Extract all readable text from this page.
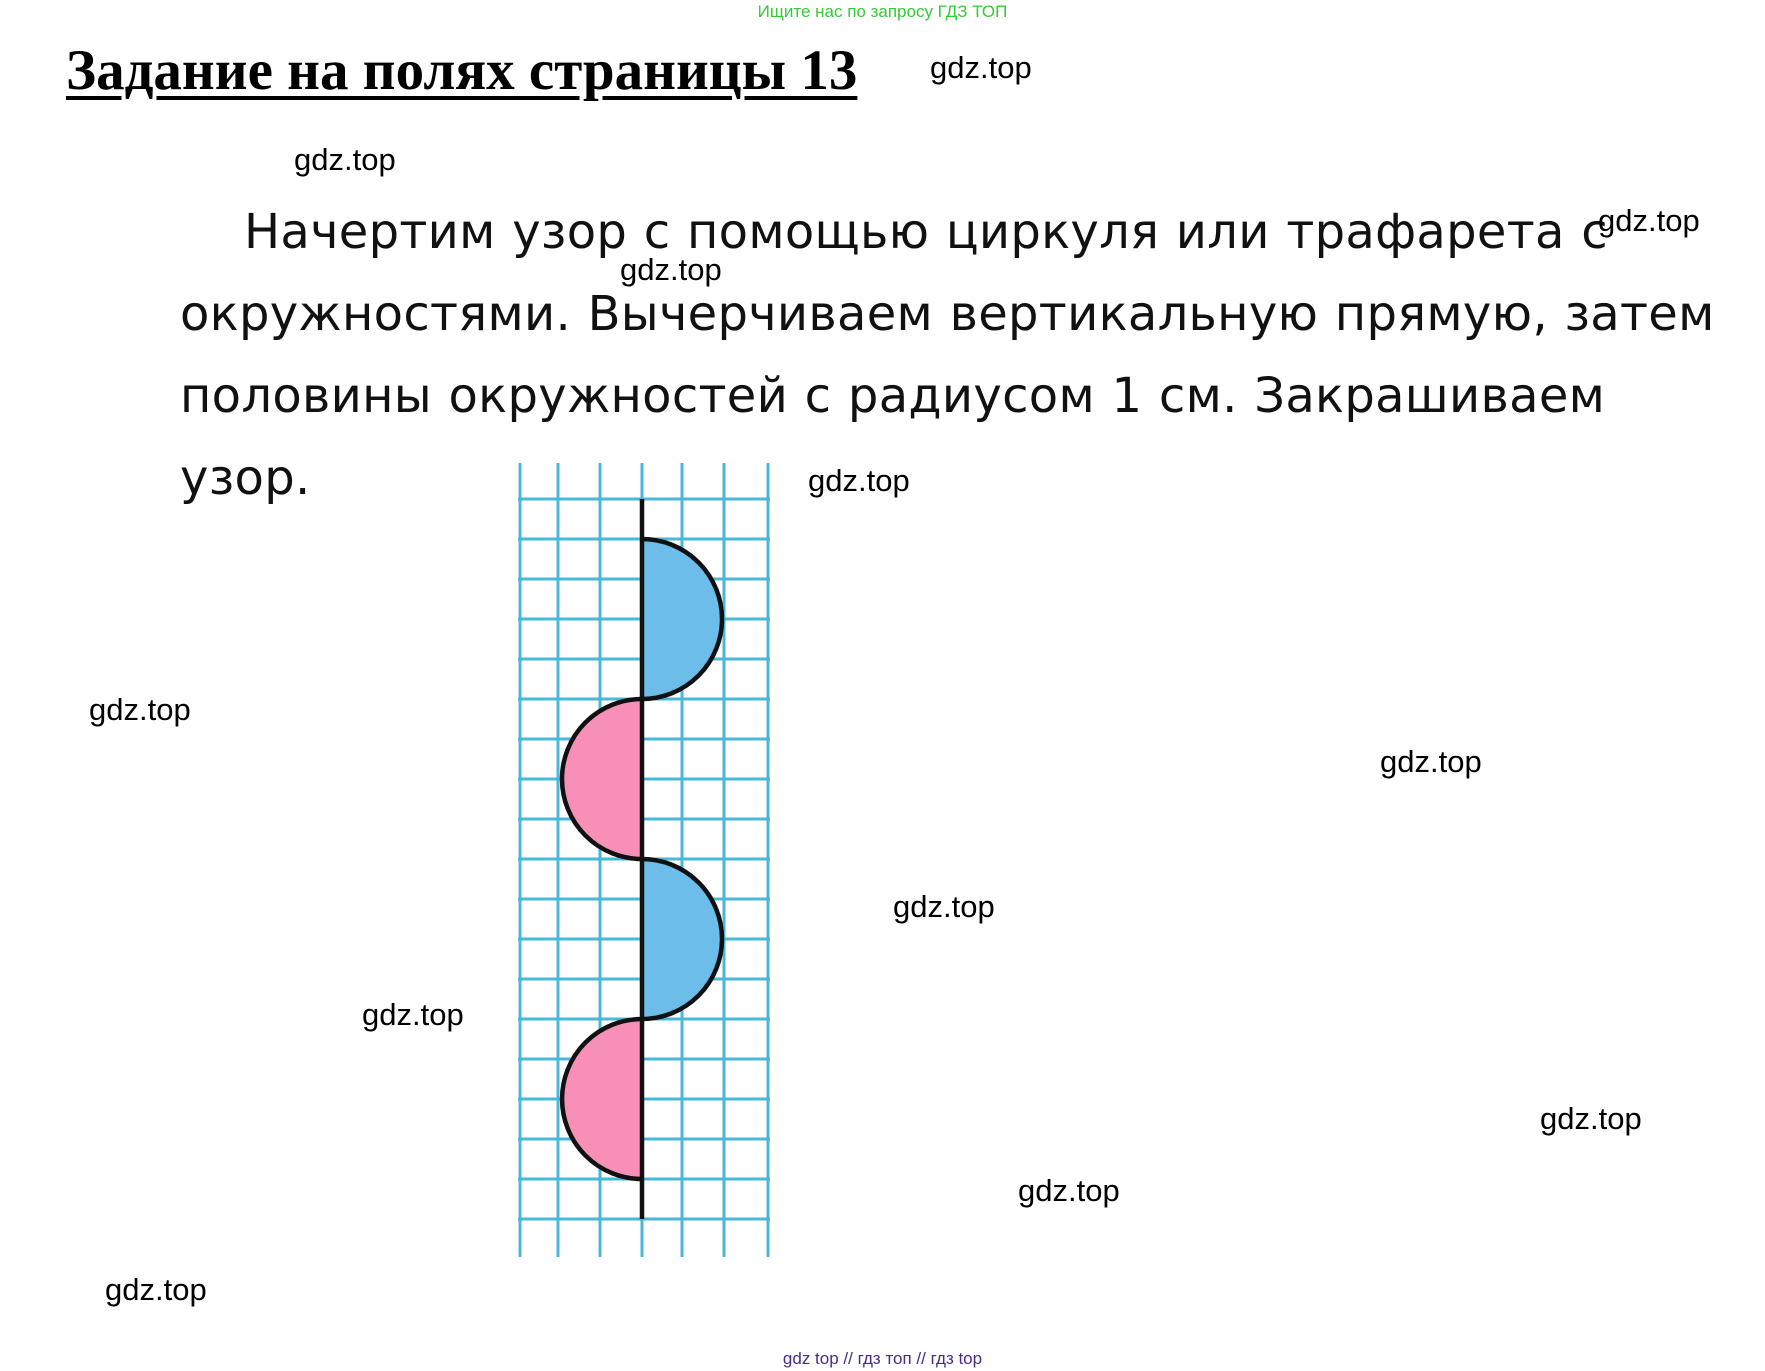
Ищите нас по запросу ГДЗ ТОП
Задание на полях страницы 13
Начертим узор с помощью циркуля или трафарета с окружностями. Вычерчиваем вертикальную прямую, затем половины окружностей с радиусом 1 см. Закрашиваем узор.
gdz.top
gdz.top
gdz.top
gdz.top
gdz.top
gdz.top
gdz.top
gdz.top
gdz.top
gdz.top
gdz.top
gdz.top
gdz top // гдз топ // гдз top
